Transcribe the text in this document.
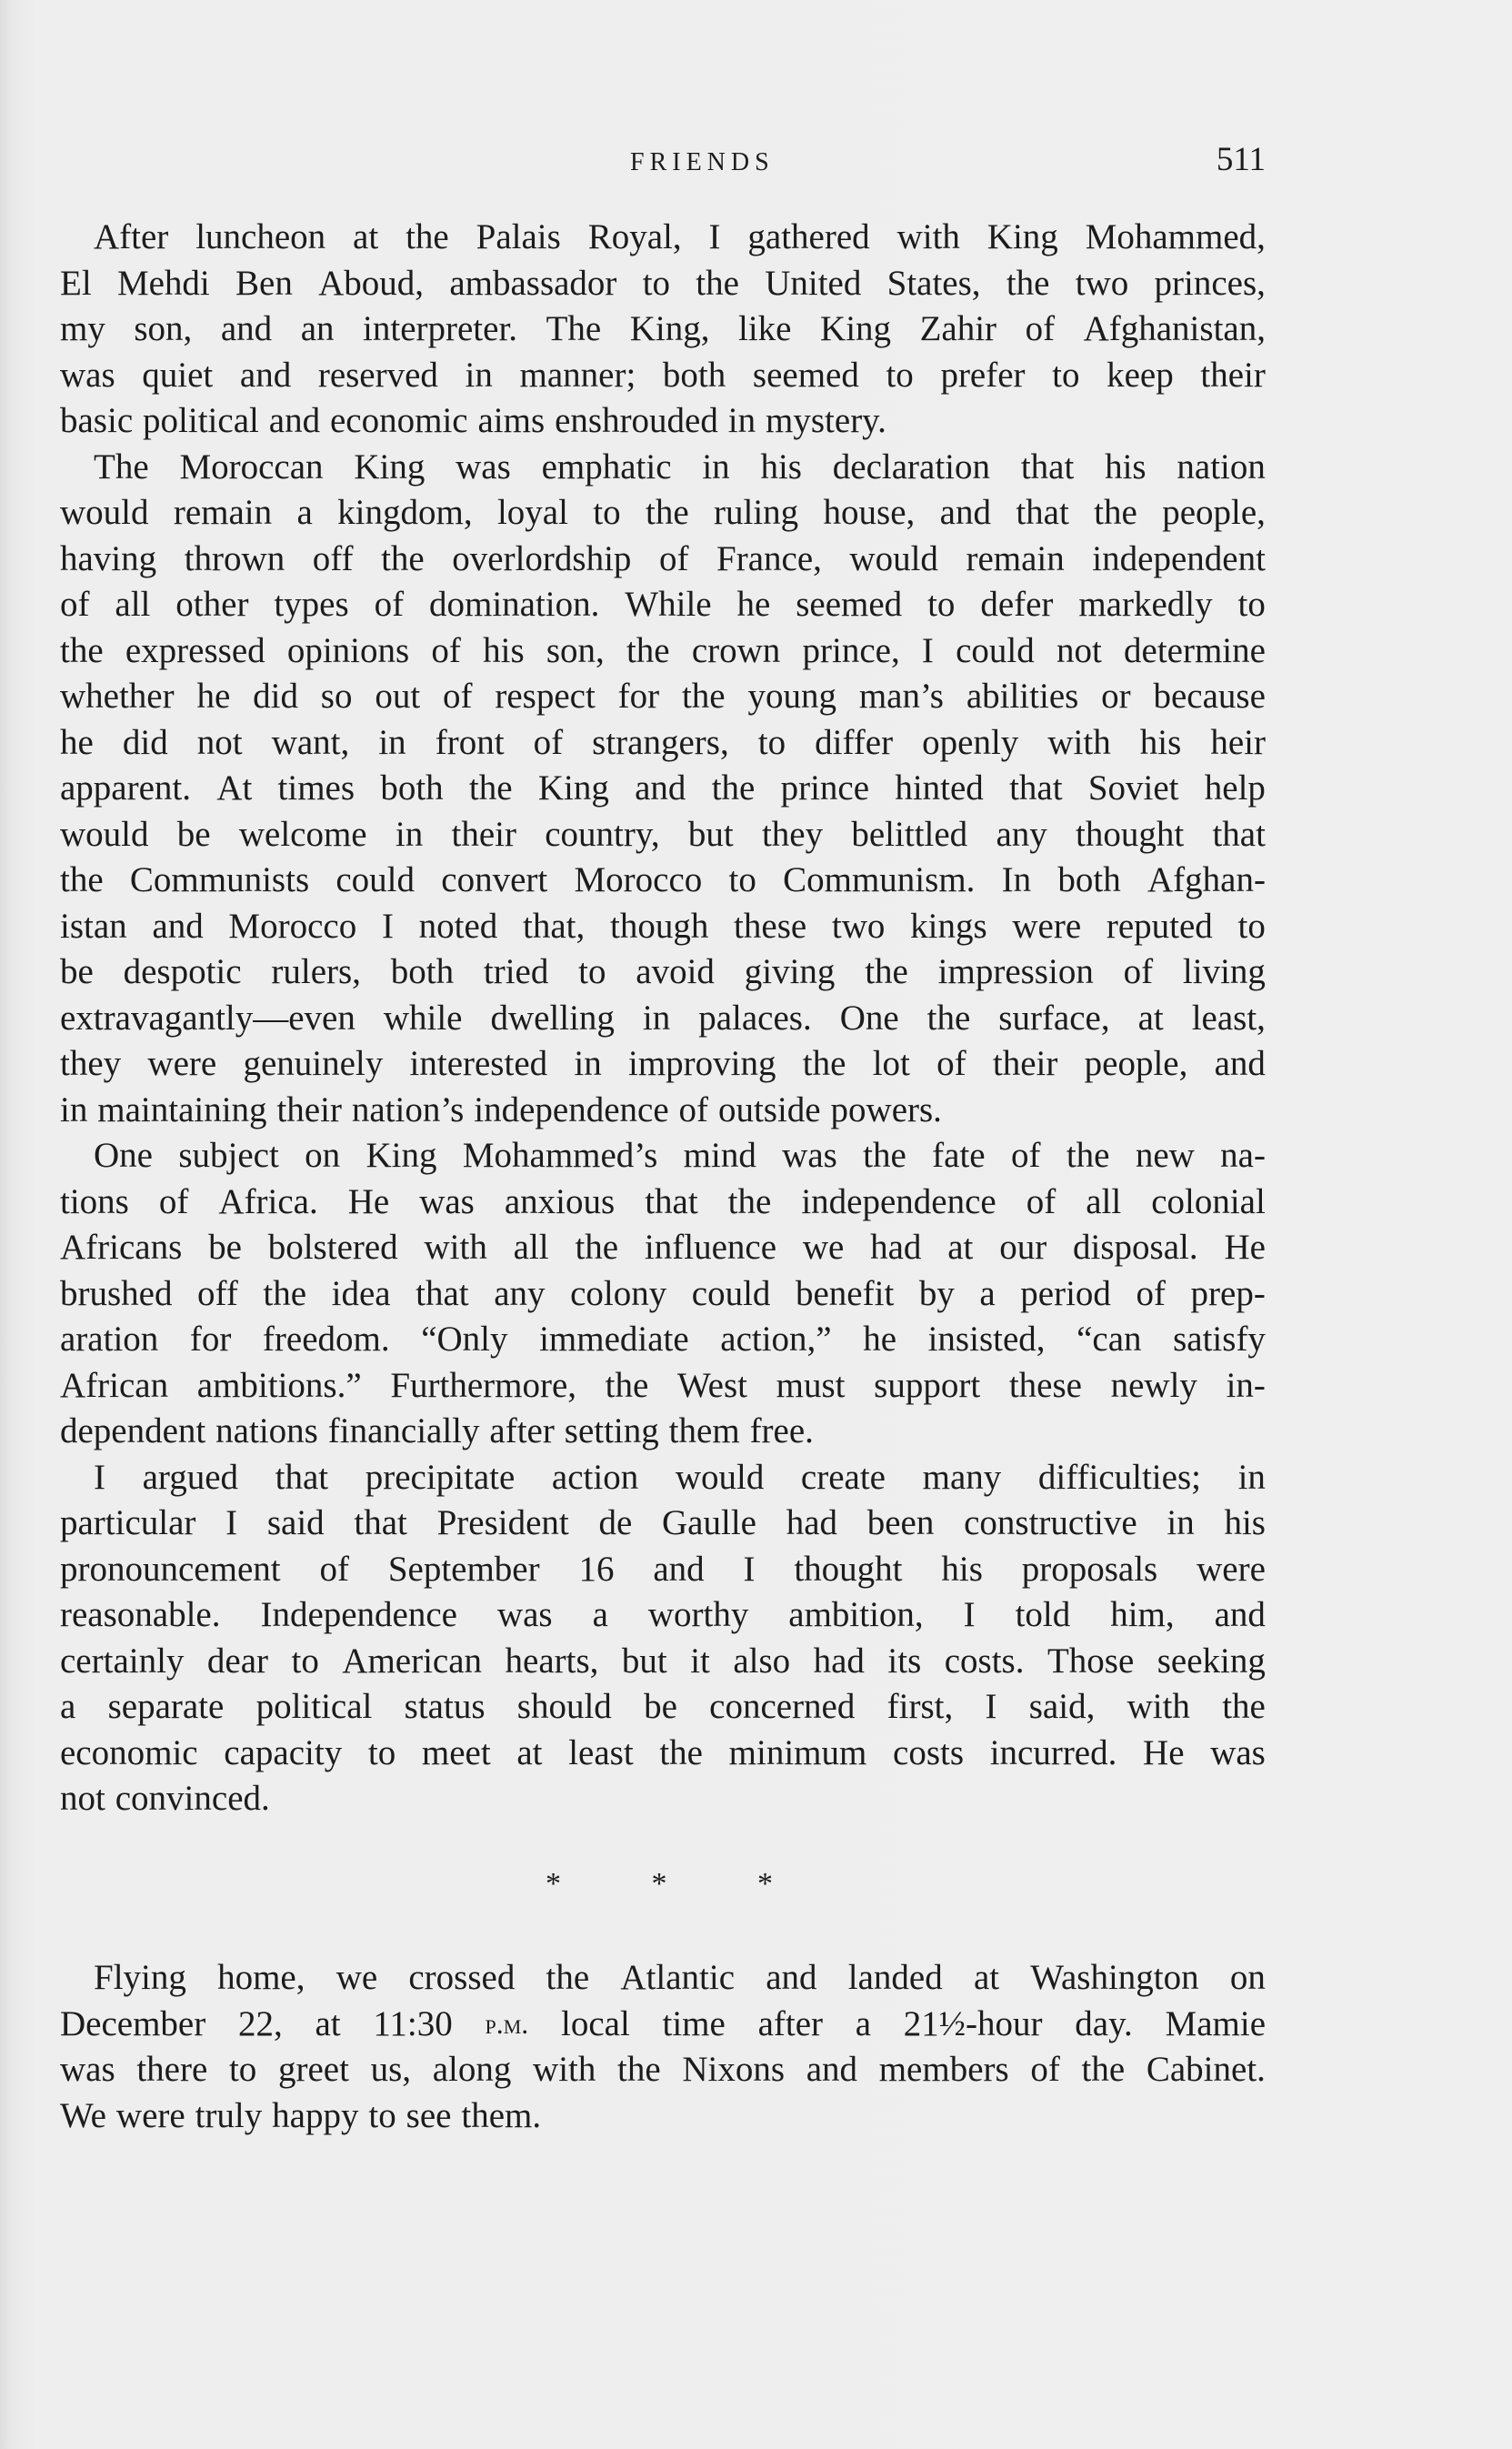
FRIENDS	511
After luncheon at the Palais Royal, I gathered with King Mohammed,
El Mehdi Ben Aboud, ambassador to the United States, the two princes,
my son, and an interpreter. The King, like King Zahir of Afghanistan,
was quiet and reserved in manner; both seemed to prefer to keep their
basic political and economic aims enshrouded in mystery.
The Moroccan King was emphatic in his declaration that his nation
would remain a kingdom, loyal to the ruling house, and that the people,
having thrown off the overlordship of France, would remain independent
of all other types of domination. While he seemed to defer markedly to
the expressed opinions of his son, the crown prince, I could not determine
whether he did so out of respect for the young man’s abilities or because
he did not want, in front of strangers, to differ openly with his heir
apparent. At times both the King and the prince hinted that Soviet help
would be welcome in their country, but they belittled any thought that
the Communists could convert Morocco to Communism. In both Afghan-
istan and Morocco I noted that, though these two kings were reputed to
be despotic rulers, both tried to avoid giving the impression of living
extravagantly—even while dwelling in palaces. One the surface, at least,
they were genuinely interested in improving the lot of their people, and
in maintaining their nation’s independence of outside powers.
One subject on King Mohammed’s mind was the fate of the new na-
tions of Africa. He was anxious that the independence of all colonial
Africans be bolstered with all the influence we had at our disposal. He
brushed off the idea that any colony could benefit by a period of prep-
aration for freedom. “Only immediate action,” he insisted, “can satisfy
African ambitions.” Furthermore, the West must support these newly in-
dependent nations financially after setting them free.
I argued that precipitate action would create many difficulties; in
particular I said that President de Gaulle had been constructive in his
pronouncement of September 16 and I thought his proposals were
reasonable. Independence was a worthy ambition, I told him, and
certainly dear to American hearts, but it also had its costs. Those seeking
a separate political status should be concerned first, I said, with the
economic capacity to meet at least the minimum costs incurred. He was
not convinced.
*	*	*
Flying home, we crossed the Atlantic and landed at Washington on
December 22, at 11:30 p.m. local time after a 21½-hour day. Mamie
was there to greet us, along with the Nixons and members of the Cabinet.
We were truly happy to see them.
